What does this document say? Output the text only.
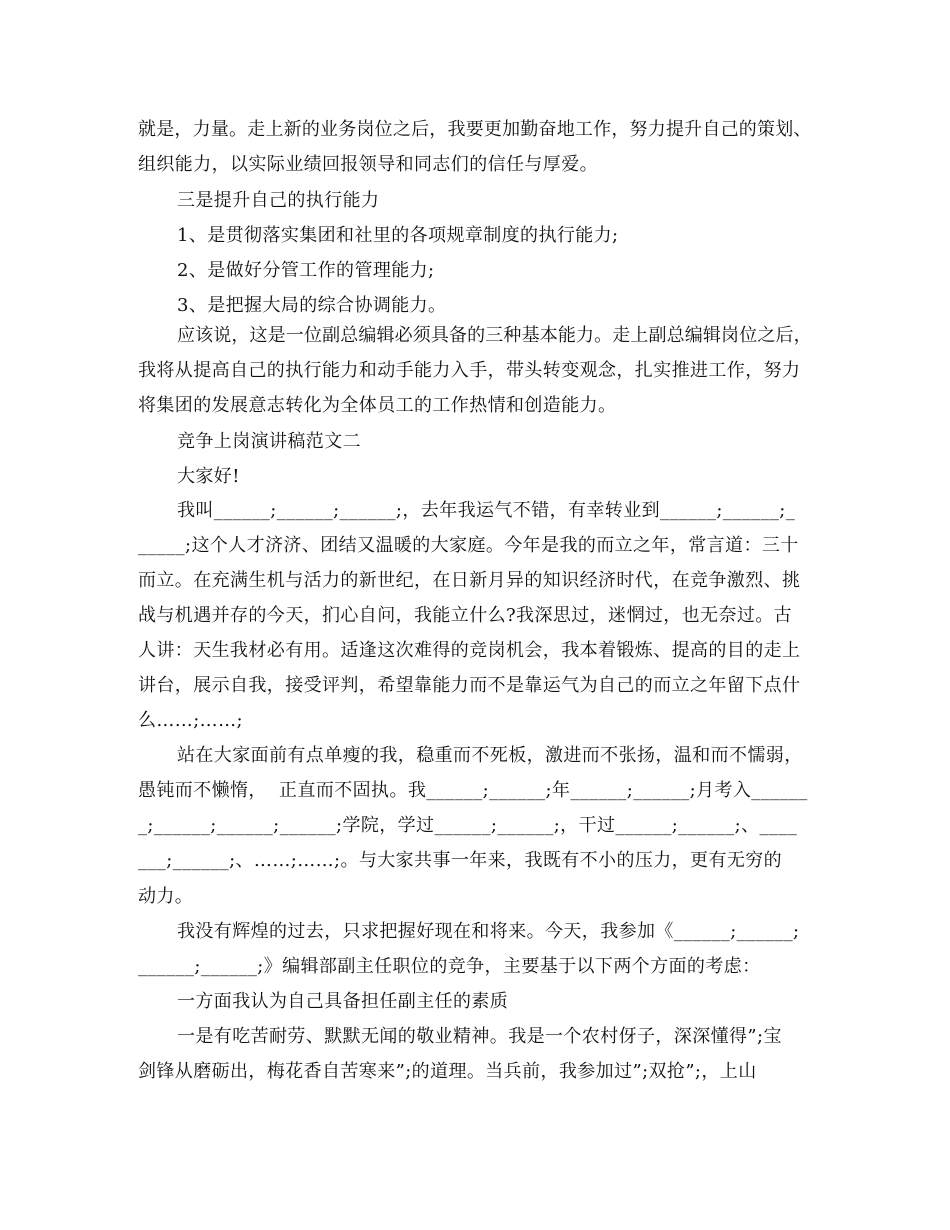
就是，力量。走上新的业务岗位之后，我要更加勤奋地工作，努力提升自己的策划、
组织能力，以实际业绩回报领导和同志们的信任与厚爱。
三是提升自己的执行能力
1、是贯彻落实集团和社里的各项规章制度的执行能力;
2、是做好分管工作的管理能力;
3、是把握大局的综合协调能力。
应该说，这是一位副总编辑必须具备的三种基本能力。走上副总编辑岗位之后，
我将从提高自己的执行能力和动手能力入手，带头转变观念，扎实推进工作，努力
将集团的发展意志转化为全体员工的工作热情和创造能力。
竞争上岗演讲稿范文二
大家好!
我叫______;______;______;，去年我运气不错，有幸转业到______;______;_
_____;这个人才济济、团结又温暖的大家庭。今年是我的而立之年，常言道：三十
而立。在充满生机与活力的新世纪，在日新月异的知识经济时代，在竞争激烈、挑
战与机遇并存的今天，扪心自问，我能立什么?我深思过，迷惘过，也无奈过。古
人讲：天生我材必有用。适逢这次难得的竞岗机会，我本着锻炼、提高的目的走上
讲台，展示自我，接受评判，希望靠能力而不是靠运气为自己的而立之年留下点什
么……;……;
站在大家面前有点单瘦的我，稳重而不死板，激进而不张扬，温和而不懦弱，
愚钝而不懒惰，  正直而不固执。我______;______;年______;______;月考入______
_;______;______;______;学院，学过______;______;，干过______;______;、____
___;______;、……;……;。与大家共事一年来，我既有不小的压力，更有无穷的
动力。
我没有辉煌的过去，只求把握好现在和将来。今天，我参加《______;______;
______;______;》编辑部副主任职位的竞争，主要基于以下两个方面的考虑：
一方面我认为自己具备担任副主任的素质
一是有吃苦耐劳、默默无闻的敬业精神。我是一个农村伢子，深深懂得”;宝
剑锋从磨砺出，梅花香自苦寒来”;的道理。当兵前，我参加过”;双抢”;，上山
